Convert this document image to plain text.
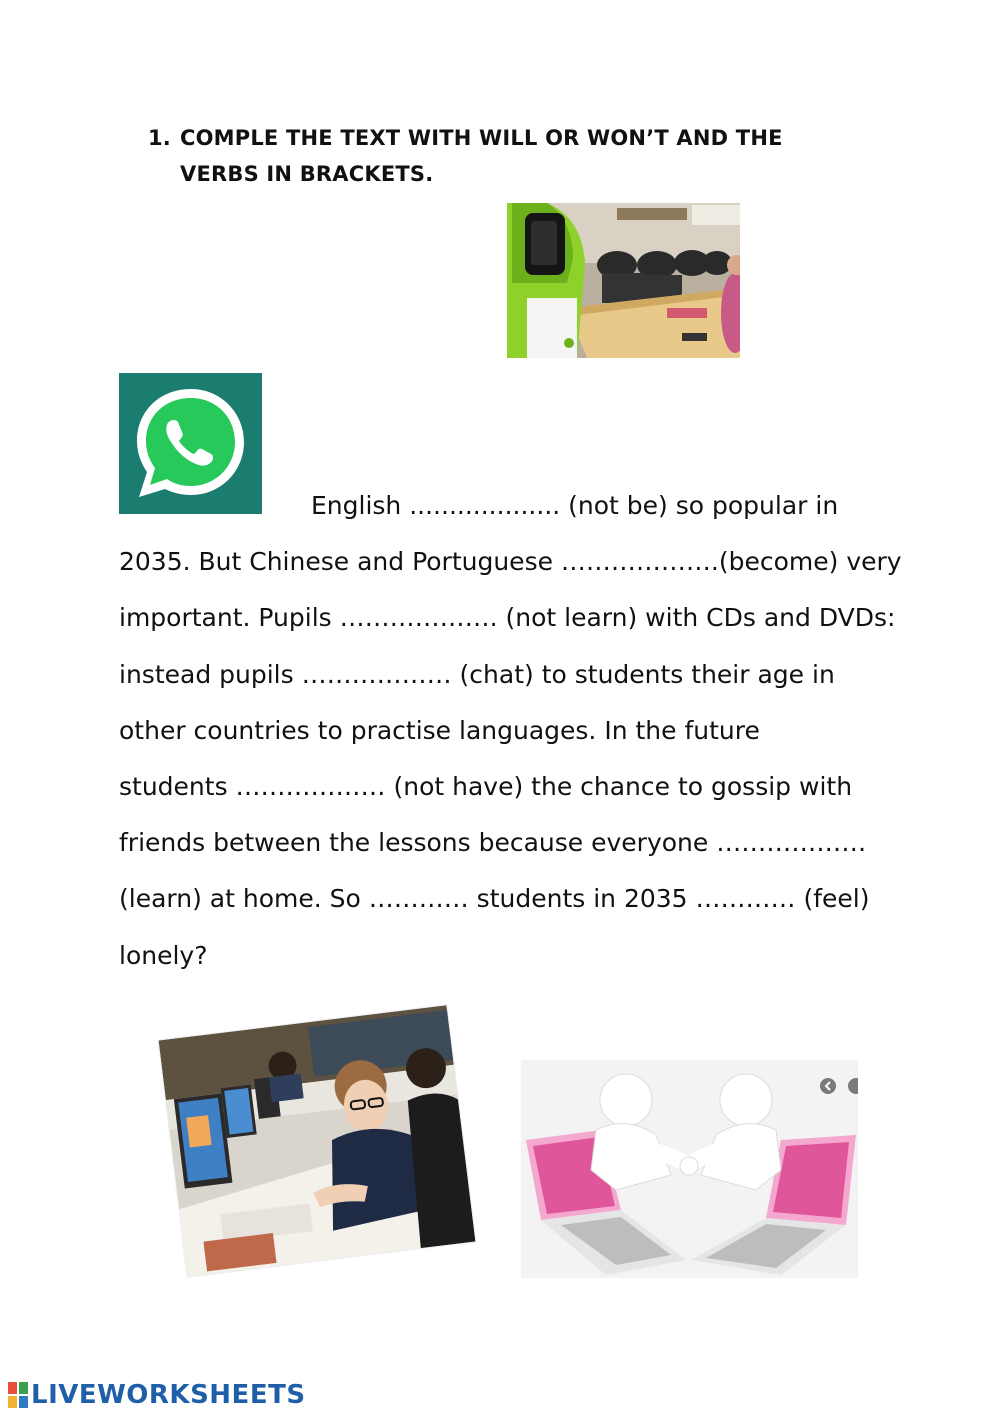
1. COMPLE THE TEXT WITH WILL OR WON’T AND THE
VERBS IN BRACKETS.
English ................... (not be) so popular in
2035. But Chinese and Portuguese ……………….(become) very
important. Pupils ………………. (not learn) with CDs and DVDs:
instead pupils ……………… (chat) to students their age in
other countries to practise languages. In the future
students ……………… (not have) the chance to gossip with
friends between the lessons because everyone ………………
(learn) at home. So ………… students in 2035 ………… (feel)
lonely?
LIVEWORKSHEETS
